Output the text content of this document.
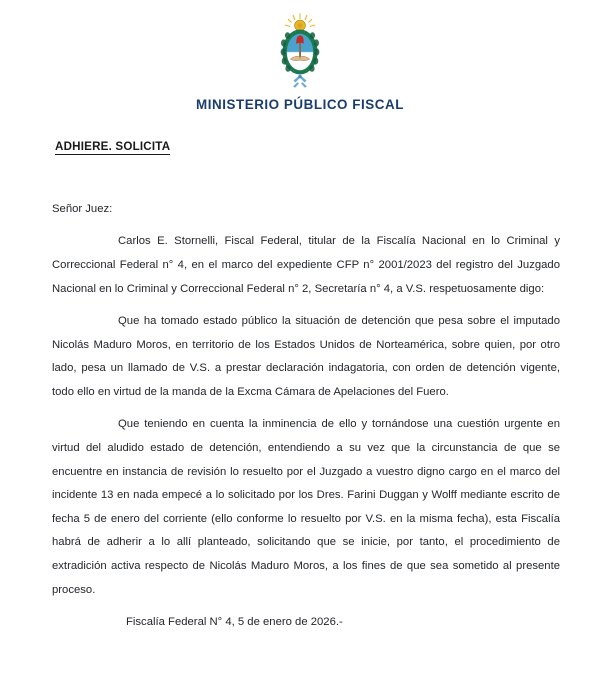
MINISTERIO PÚBLICO FISCAL
ADHIERE. SOLICITA

Señor Juez:

Carlos E. Stornelli, Fiscal Federal, titular de la Fiscalía Nacional en lo Criminal y Correccional Federal n° 4, en el marco del expediente CFP n° 2001/2023 del registro del Juzgado Nacional en lo Criminal y Correccional Federal n° 2, Secretaría n° 4, a V.S. respetuosamente digo:

Que ha tomado estado público la situación de detención que pesa sobre el imputado Nicolás Maduro Moros, en territorio de los Estados Unidos de Norteamérica, sobre quien, por otro lado, pesa un llamado de V.S. a prestar declaración indagatoria, con orden de detención vigente, todo ello en virtud de la manda de la Excma Cámara de Apelaciones del Fuero.

Que teniendo en cuenta la inminencia de ello y tornándose una cuestión urgente en virtud del aludido estado de detención, entendiendo a su vez que la circunstancia de que se encuentre en instancia de revisión lo resuelto por el Juzgado a vuestro digno cargo en el marco del incidente 13 en nada empecé a lo solicitado por los Dres. Farini Duggan y Wolff mediante escrito de fecha 5 de enero del corriente (ello conforme lo resuelto por V.S. en la misma fecha), esta Fiscalía habrá de adherir a lo allí planteado, solicitando que se inicie, por tanto, el procedimiento de extradición activa respecto de Nicolás Maduro Moros, a los fines de que sea sometido al presente proceso.

Fiscalía Federal N° 4, 5 de enero de 2026.-
